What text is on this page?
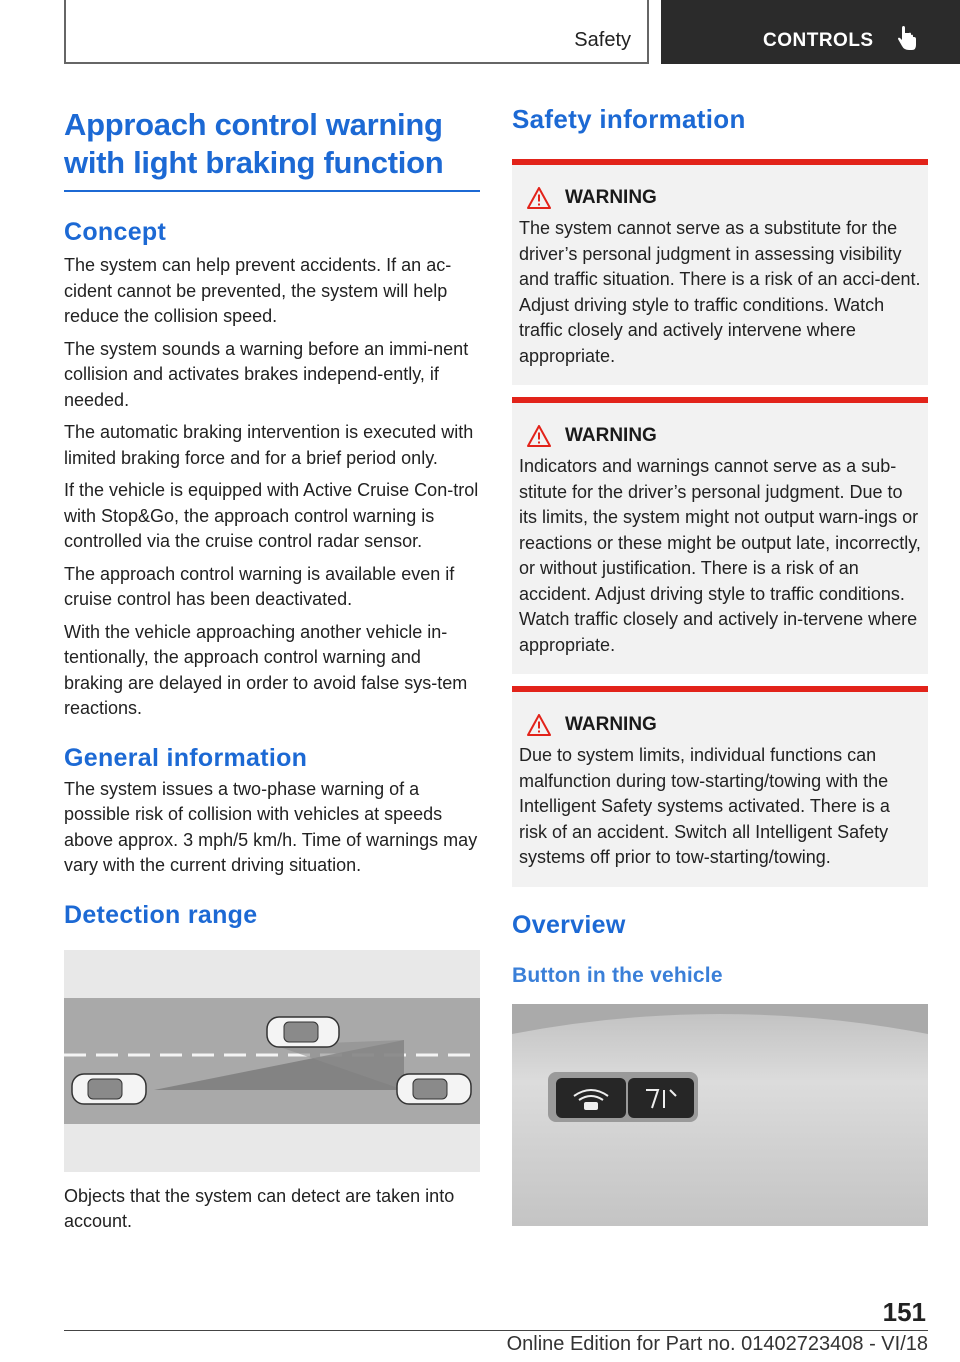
Safety	CONTROLS
Approach control warning with light braking function
Concept

The system can help prevent accidents. If an ac-cident cannot be prevented, the system will help reduce the collision speed.

The system sounds a warning before an immi-nent collision and activates brakes independ-ently, if needed.

The automatic braking intervention is executed with limited braking force and for a brief period only.

If the vehicle is equipped with Active Cruise Con-trol with Stop&Go, the approach control warning is controlled via the cruise control radar sensor.

The approach control warning is available even if cruise control has been deactivated.

With the vehicle approaching another vehicle in-tentionally, the approach control warning and braking are delayed in order to avoid false sys-tem reactions.

General information

The system issues a two-phase warning of a possible risk of collision with vehicles at speeds above approx. 3 mph/5 km/h. Time of warnings may vary with the current driving situation.

Detection range

Objects that the system can detect are taken into account.

Safety information
WARNING

The system cannot serve as a substitute for the driver’s personal judgment in assessing visibility and traffic situation. There is a risk of an acci-dent. Adjust driving style to traffic conditions. Watch traffic closely and actively intervene where appropriate.

WARNING

Indicators and warnings cannot serve as a sub-stitute for the driver’s personal judgment. Due to its limits, the system might not output warn-ings or reactions or these might be output late, incorrectly, or without justification. There is a risk of an accident. Adjust driving style to traffic conditions. Watch traffic closely and actively in-tervene where appropriate.

WARNING

Due to system limits, individual functions can malfunction during tow-starting/towing with the Intelligent Safety systems activated. There is a risk of an accident. Switch all Intelligent Safety systems off prior to tow-starting/towing.

Overview
Button in the vehicle
151
Online Edition for Part no. 01402723408 - VI/18
